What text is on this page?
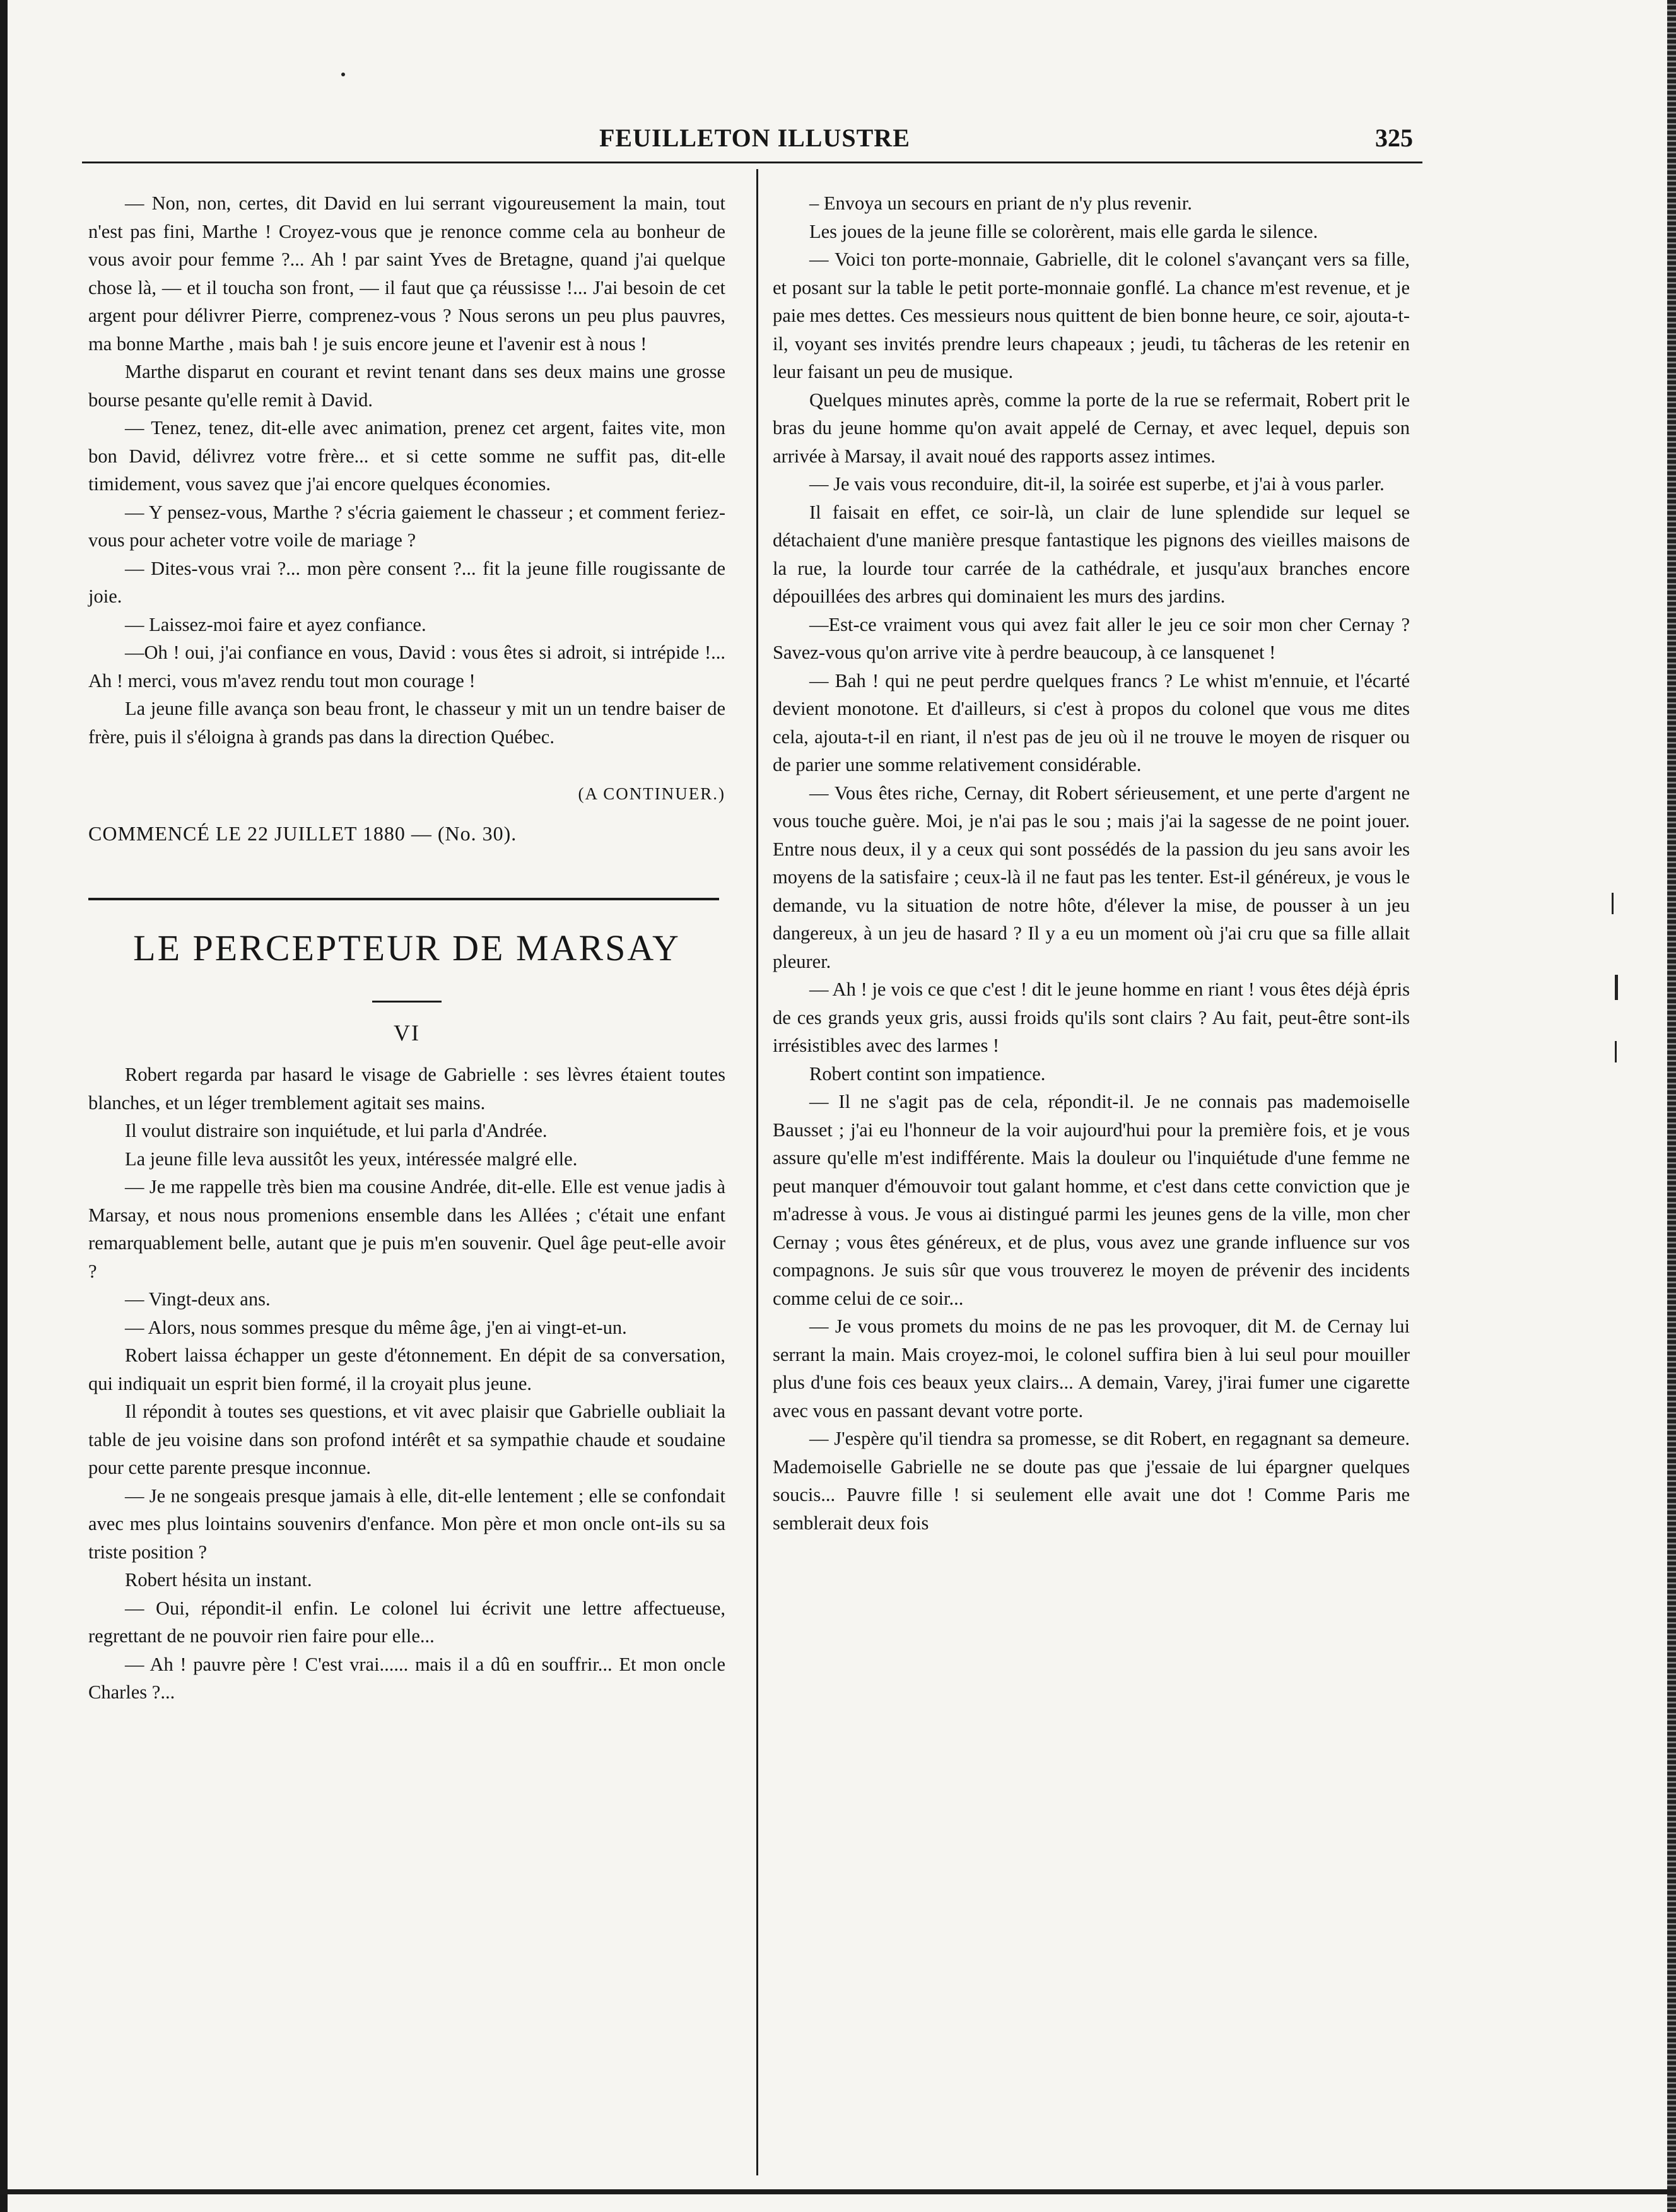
FEUILLETON ILLUSTRE	325

— Non, non, certes, dit David en lui serrant vigoureusement la main, tout n'est pas fini, Marthe ! Croyez-vous que je renonce comme cela au bonheur de vous avoir pour femme ?... Ah ! par saint Yves de Bretagne, quand j'ai quelque chose là, — et il toucha son front, — il faut que ça réussisse !... J'ai besoin de cet argent pour délivrer Pierre, comprenez-vous ? Nous serons un peu plus pauvres, ma bonne Marthe , mais bah ! je suis encore jeune et l'avenir est à nous !

Marthe disparut en courant et revint tenant dans ses deux mains une grosse bourse pesante qu'elle remit à David.

— Tenez, tenez, dit-elle avec animation, prenez cet argent, faites vite, mon bon David, délivrez votre frère... et si cette somme ne suffit pas, dit-elle timidement, vous savez que j'ai encore quelques économies.

— Y pensez-vous, Marthe ? s'écria gaiement le chasseur ; et comment feriez-vous pour acheter votre voile de mariage ?

— Dites-vous vrai ?... mon père consent ?... fit la jeune fille rougissante de joie.

— Laissez-moi faire et ayez confiance.

—Oh ! oui, j'ai confiance en vous, David : vous êtes si adroit, si intrépide !... Ah ! merci, vous m'avez rendu tout mon courage !

La jeune fille avança son beau front, le chasseur y mit un un tendre baiser de frère, puis il s'éloigna à grands pas dans la direction Québec.

(A CONTINUER.)

COMMENCÉ LE 22 JUILLET 1880 — (No. 30).

LE PERCEPTEUR DE MARSAY
VI

Robert regarda par hasard le visage de Gabrielle : ses lèvres étaient toutes blanches, et un léger tremblement agitait ses mains.

Il voulut distraire son inquiétude, et lui parla d'Andrée.

La jeune fille leva aussitôt les yeux, intéressée malgré elle.

— Je me rappelle très bien ma cousine Andrée, dit-elle. Elle est venue jadis à Marsay, et nous nous promenions ensemble dans les Allées ; c'était une enfant remarquablement belle, autant que je puis m'en souvenir. Quel âge peut-elle avoir ?

— Vingt-deux ans.

— Alors, nous sommes presque du même âge, j'en ai vingt-et-un.

Robert laissa échapper un geste d'étonnement. En dépit de sa conversation, qui indiquait un esprit bien formé, il la croyait plus jeune.

Il répondit à toutes ses questions, et vit avec plaisir que Gabrielle oubliait la table de jeu voisine dans son profond intérêt et sa sympathie chaude et soudaine pour cette parente presque inconnue.

— Je ne songeais presque jamais à elle, dit-elle lentement ; elle se confondait avec mes plus lointains souvenirs d'enfance. Mon père et mon oncle ont-ils su sa triste position ?

Robert hésita un instant.

— Oui, répondit-il enfin. Le colonel lui écrivit une lettre affectueuse, regrettant de ne pouvoir rien faire pour elle...

— Ah ! pauvre père ! C'est vrai...... mais il a dû en souffrir... Et mon oncle Charles ?...

– Envoya un secours en priant de n'y plus revenir.

Les joues de la jeune fille se colorèrent, mais elle garda le silence.

— Voici ton porte-monnaie, Gabrielle, dit le colonel s'avançant vers sa fille, et posant sur la table le petit porte-monnaie gonflé. La chance m'est revenue, et je paie mes dettes. Ces messieurs nous quittent de bien bonne heure, ce soir, ajouta-t-il, voyant ses invités prendre leurs chapeaux ; jeudi, tu tâcheras de les retenir en leur faisant un peu de musique.

Quelques minutes après, comme la porte de la rue se refermait, Robert prit le bras du jeune homme qu'on avait appelé de Cernay, et avec lequel, depuis son arrivée à Marsay, il avait noué des rapports assez intimes.

— Je vais vous reconduire, dit-il, la soirée est superbe, et j'ai à vous parler.

Il faisait en effet, ce soir-là, un clair de lune splendide sur lequel se détachaient d'une manière presque fantastique les pignons des vieilles maisons de la rue, la lourde tour carrée de la cathédrale, et jusqu'aux branches encore dépouillées des arbres qui dominaient les murs des jardins.

—Est-ce vraiment vous qui avez fait aller le jeu ce soir mon cher Cernay ? Savez-vous qu'on arrive vite à perdre beaucoup, à ce lansquenet !

— Bah ! qui ne peut perdre quelques francs ? Le whist m'ennuie, et l'écarté devient monotone. Et d'ailleurs, si c'est à propos du colonel que vous me dites cela, ajouta-t-il en riant, il n'est pas de jeu où il ne trouve le moyen de risquer ou de parier une somme relativement considérable.

— Vous êtes riche, Cernay, dit Robert sérieusement, et une perte d'argent ne vous touche guère. Moi, je n'ai pas le sou ; mais j'ai la sagesse de ne point jouer. Entre nous deux, il y a ceux qui sont possédés de la passion du jeu sans avoir les moyens de la satisfaire ; ceux-là il ne faut pas les tenter. Est-il généreux, je vous le demande, vu la situation de notre hôte, d'élever la mise, de pousser à un jeu dangereux, à un jeu de hasard ? Il y a eu un moment où j'ai cru que sa fille allait pleurer.

— Ah ! je vois ce que c'est ! dit le jeune homme en riant ! vous êtes déjà épris de ces grands yeux gris, aussi froids qu'ils sont clairs ? Au fait, peut-être sont-ils irrésistibles avec des larmes !

Robert contint son impatience.

— Il ne s'agit pas de cela, répondit-il. Je ne connais pas mademoiselle Bausset ; j'ai eu l'honneur de la voir aujourd'hui pour la première fois, et je vous assure qu'elle m'est indifférente. Mais la douleur ou l'inquiétude d'une femme ne peut manquer d'émouvoir tout galant homme, et c'est dans cette conviction que je m'adresse à vous. Je vous ai distingué parmi les jeunes gens de la ville, mon cher Cernay ; vous êtes généreux, et de plus, vous avez une grande influence sur vos compagnons. Je suis sûr que vous trouverez le moyen de prévenir des incidents comme celui de ce soir...

— Je vous promets du moins de ne pas les provoquer, dit M. de Cernay lui serrant la main. Mais croyez-moi, le colonel suffira bien à lui seul pour mouiller plus d'une fois ces beaux yeux clairs... A demain, Varey, j'irai fumer une cigarette avec vous en passant devant votre porte.

— J'espère qu'il tiendra sa promesse, se dit Robert, en regagnant sa demeure. Mademoiselle Gabrielle ne se doute pas que j'essaie de lui épargner quelques soucis... Pauvre fille ! si seulement elle avait une dot ! Comme Paris me semblerait deux fois
